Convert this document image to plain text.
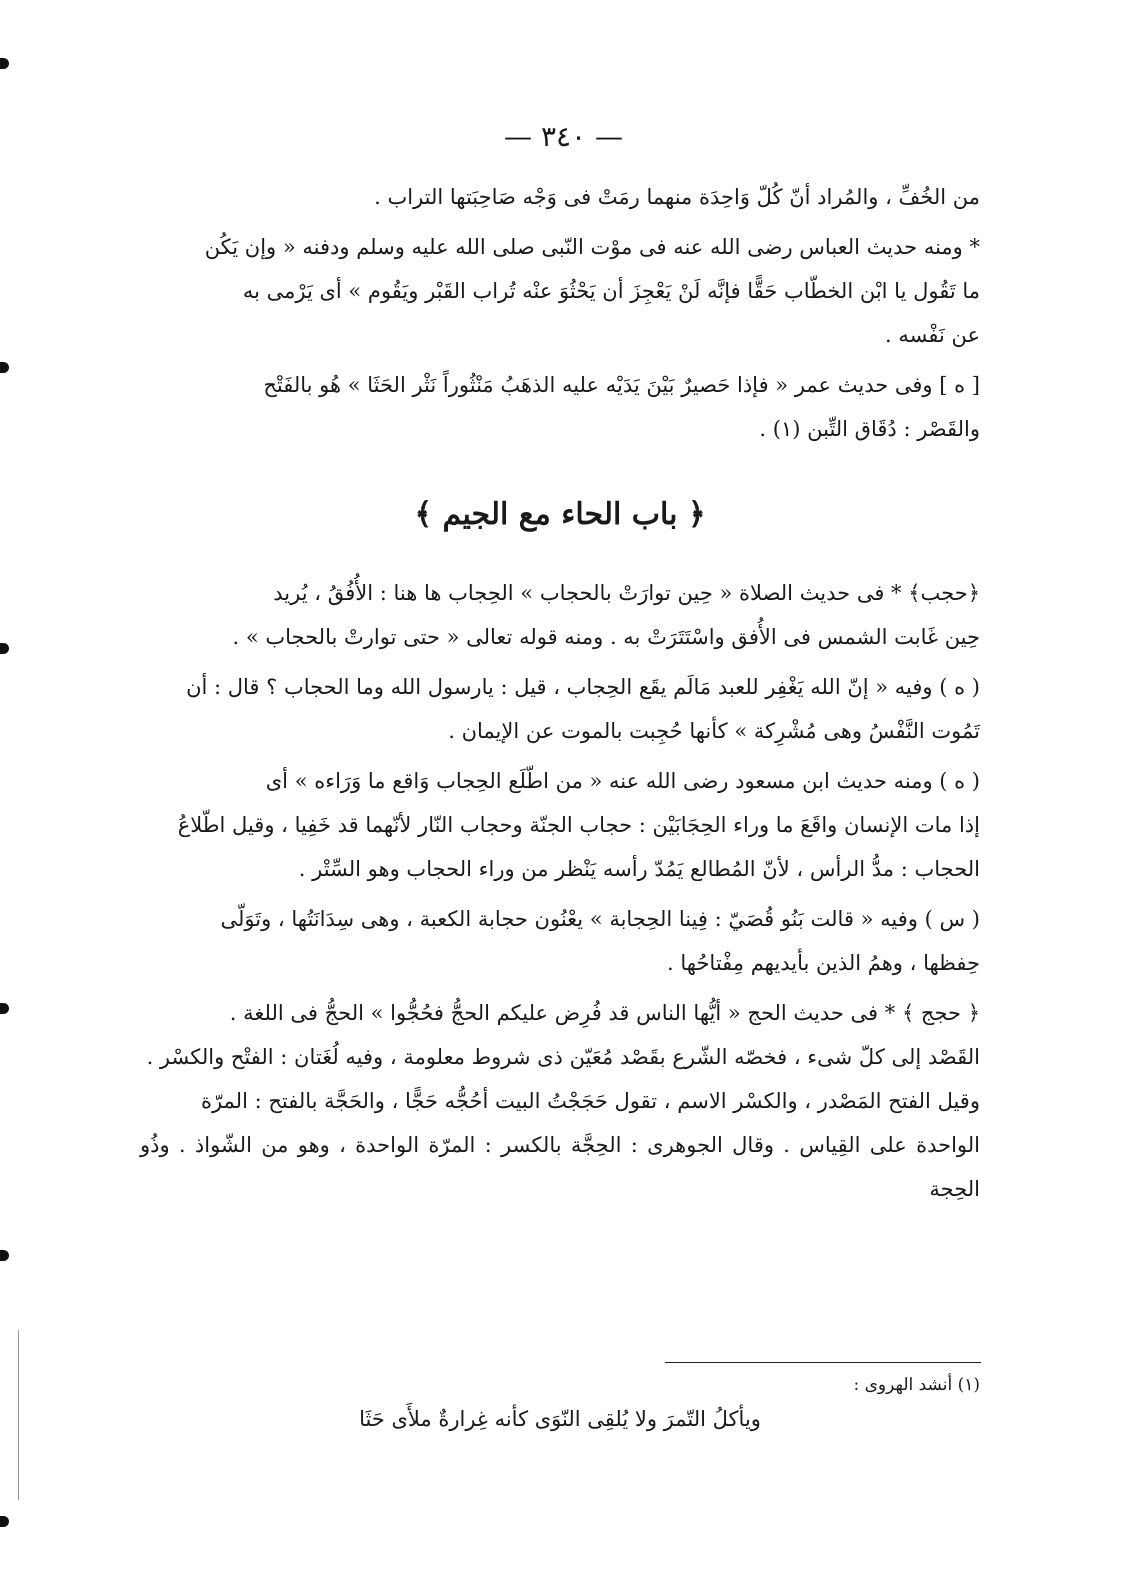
— ٣٤٠ —
من الخُفِّ ، والمُراد أنّ كُلّ وَاحِدَة منهما رمَتْ فى وَجْه صَاحِبَتها التراب .
* ومنه حديث العباس رضى الله عنه فى موْت النّبى صلى الله عليه وسلم ودفنه « وإن يَكُن
ما تَقُول يا ابْن الخطّاب حَقًّا فإنَّه لَنْ يَعْجِزَ أن يَحْثُوَ عنْه تُراب القَبْر ويَقُوم » أى يَرْمى به
عن نَفْسه .
[ ه ] وفى حديث عمر « فإذا حَصيرٌ بَيْنَ يَدَيْه عليه الذهَبُ مَنْثُوراً نَثْر الحَثَا » هُو بالفَتْح
والقَصْر : دُقَاق التِّبن (١) .
﴿ باب الحاء مع الجيم ﴾
﴿حجب﴾ * فى حديث الصلاة « حِين توارَتْ بالحجاب » الحِجاب ها هنا : الأُفُقُ ، يُريد
حِين غَابت الشمس فى الأُفق واسْتَتَرَتْ به . ومنه قوله تعالى « حتى توارتْ بالحجاب » .
( ه ) وفيه « إنّ الله يَغْفِر للعبد مَالَم يقَع الحِجاب ، قيل : يارسول الله وما الحجاب ؟ قال : أن
تَمُوت النَّفْسُ وهى مُشْرِكة » كأنها حُجِبت بالموت عن الإيمان .
( ه ) ومنه حديث ابن مسعود رضى الله عنه « من اطّلَع الحِجاب وَاقع ما وَرَاءه » أى
إذا مات الإنسان واقَعَ ما وراء الحِجَابَيْن : حجاب الجنّة وحجاب النّار لأنّهما قد خَفِيا ، وقيل اطّلاعُ
الحجاب : مدُّ الرأس ، لأنّ المُطالع يَمُدّ رأسه يَنْظر من وراء الحجاب وهو السِّتْر .
( س ) وفيه « قالت بَنُو قُصَيّ : فِينا الحِجابة » يعْنُون حجابة الكعبة ، وهى سِدَانَتُها ، وتَوَلّى
حِفظها ، وهمُ الذين بأيديهم مِفْتاحُها .
﴿ حجج ﴾ * فى حديث الحج « أيُّها الناس قد فُرِض عليكم الحجُّ فحُجُّوا » الحجُّ فى اللغة .
القَصْد إلى كلّ شىء ، فخصّه الشّرع بقَصْد مُعَيّن ذى شروط معلومة ، وفيه لُغَتان : الفتْح والكسْر .
وقيل الفتح المَصْدر ، والكسْر الاسم ، تقول حَجَجْتُ البيت أحُجُّه حَجًّا ، والحَجَّة بالفتح : المرّة
الواحدة على القِياس . وقال الجوهرى : الحِجَّة بالكسر : المرّة الواحدة ، وهو من الشّواذ . وذُو الحِجة
(١) أنشد الهروى :
ويأكلُ التّمرَ ولا يُلقِى النّوَى كأنه غِرارةٌ ملأَى حَثَا
